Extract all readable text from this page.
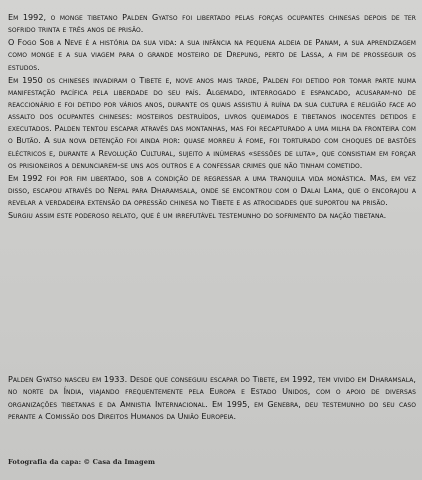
Em 1992, o monge tibetano Palden Gyatso foi libertado pelas forças ocupantes chinesas depois de ter sofrido trinta e três anos de prisão.

O Fogo Sob a Neve é a história da sua vida: a sua infância na pequena aldeia de Panam, a sua aprendizagem como monge e a sua viagem para o grande mosteiro de Drepung, perto de Lassa, a fim de prosseguir os estudos.

Em 1950 os chineses invadiram o Tibete e, nove anos mais tarde, Palden foi detido por tomar parte numa manifestação pacífica pela liberdade do seu país. Algemado, interrogado e espancado, acusaram-no de reaccionário e foi detido por vários anos, durante os quais assistiu à ruína da sua cultura e religião face ao assalto dos ocupantes chineses: mosteiros destruídos, livros queimados e tibetanos inocentes detidos e executados. Palden tentou escapar através das montanhas, mas foi recapturado a uma milha da fronteira com o Butão. A sua nova detenção foi ainda pior: quase morreu à fome, foi torturado com choques de bastões eléctricos e, durante a Revolução Cultural, sujeito a inúmeras «sessões de luta», que consistiam em forçar os prisioneiros a denunciarem-se uns aos outros e a confessar crimes que não tinham cometido.

Em 1992 foi por fim libertado, sob a condição de regressar a uma tranquila vida monástica. Mas, em vez disso, escapou através do Nepal para Dharamsala, onde se encontrou com o Dalai Lama, que o encorajou a revelar a verdadeira extensão da opressão chinesa no Tibete e as atrocidades que suportou na prisão.

Surgiu assim este poderoso relato, que é um irrefutável testemunho do sofrimento da nação tibetana.

Palden Gyatso nasceu em 1933. Desde que conseguiu escapar do Tibete, em 1992, tem vivido em Dharamsala, no norte da Índia, viajando frequentemente pela Europa e Estado Unidos, com o apoio de diversas organizações tibetanas e da Amnistia Internacional. Em 1995, em Genebra, deu testemunho do seu caso perante a Comissão dos Direitos Humanos da União Europeia.

Fotografia da capa: © Casa da Imagem
